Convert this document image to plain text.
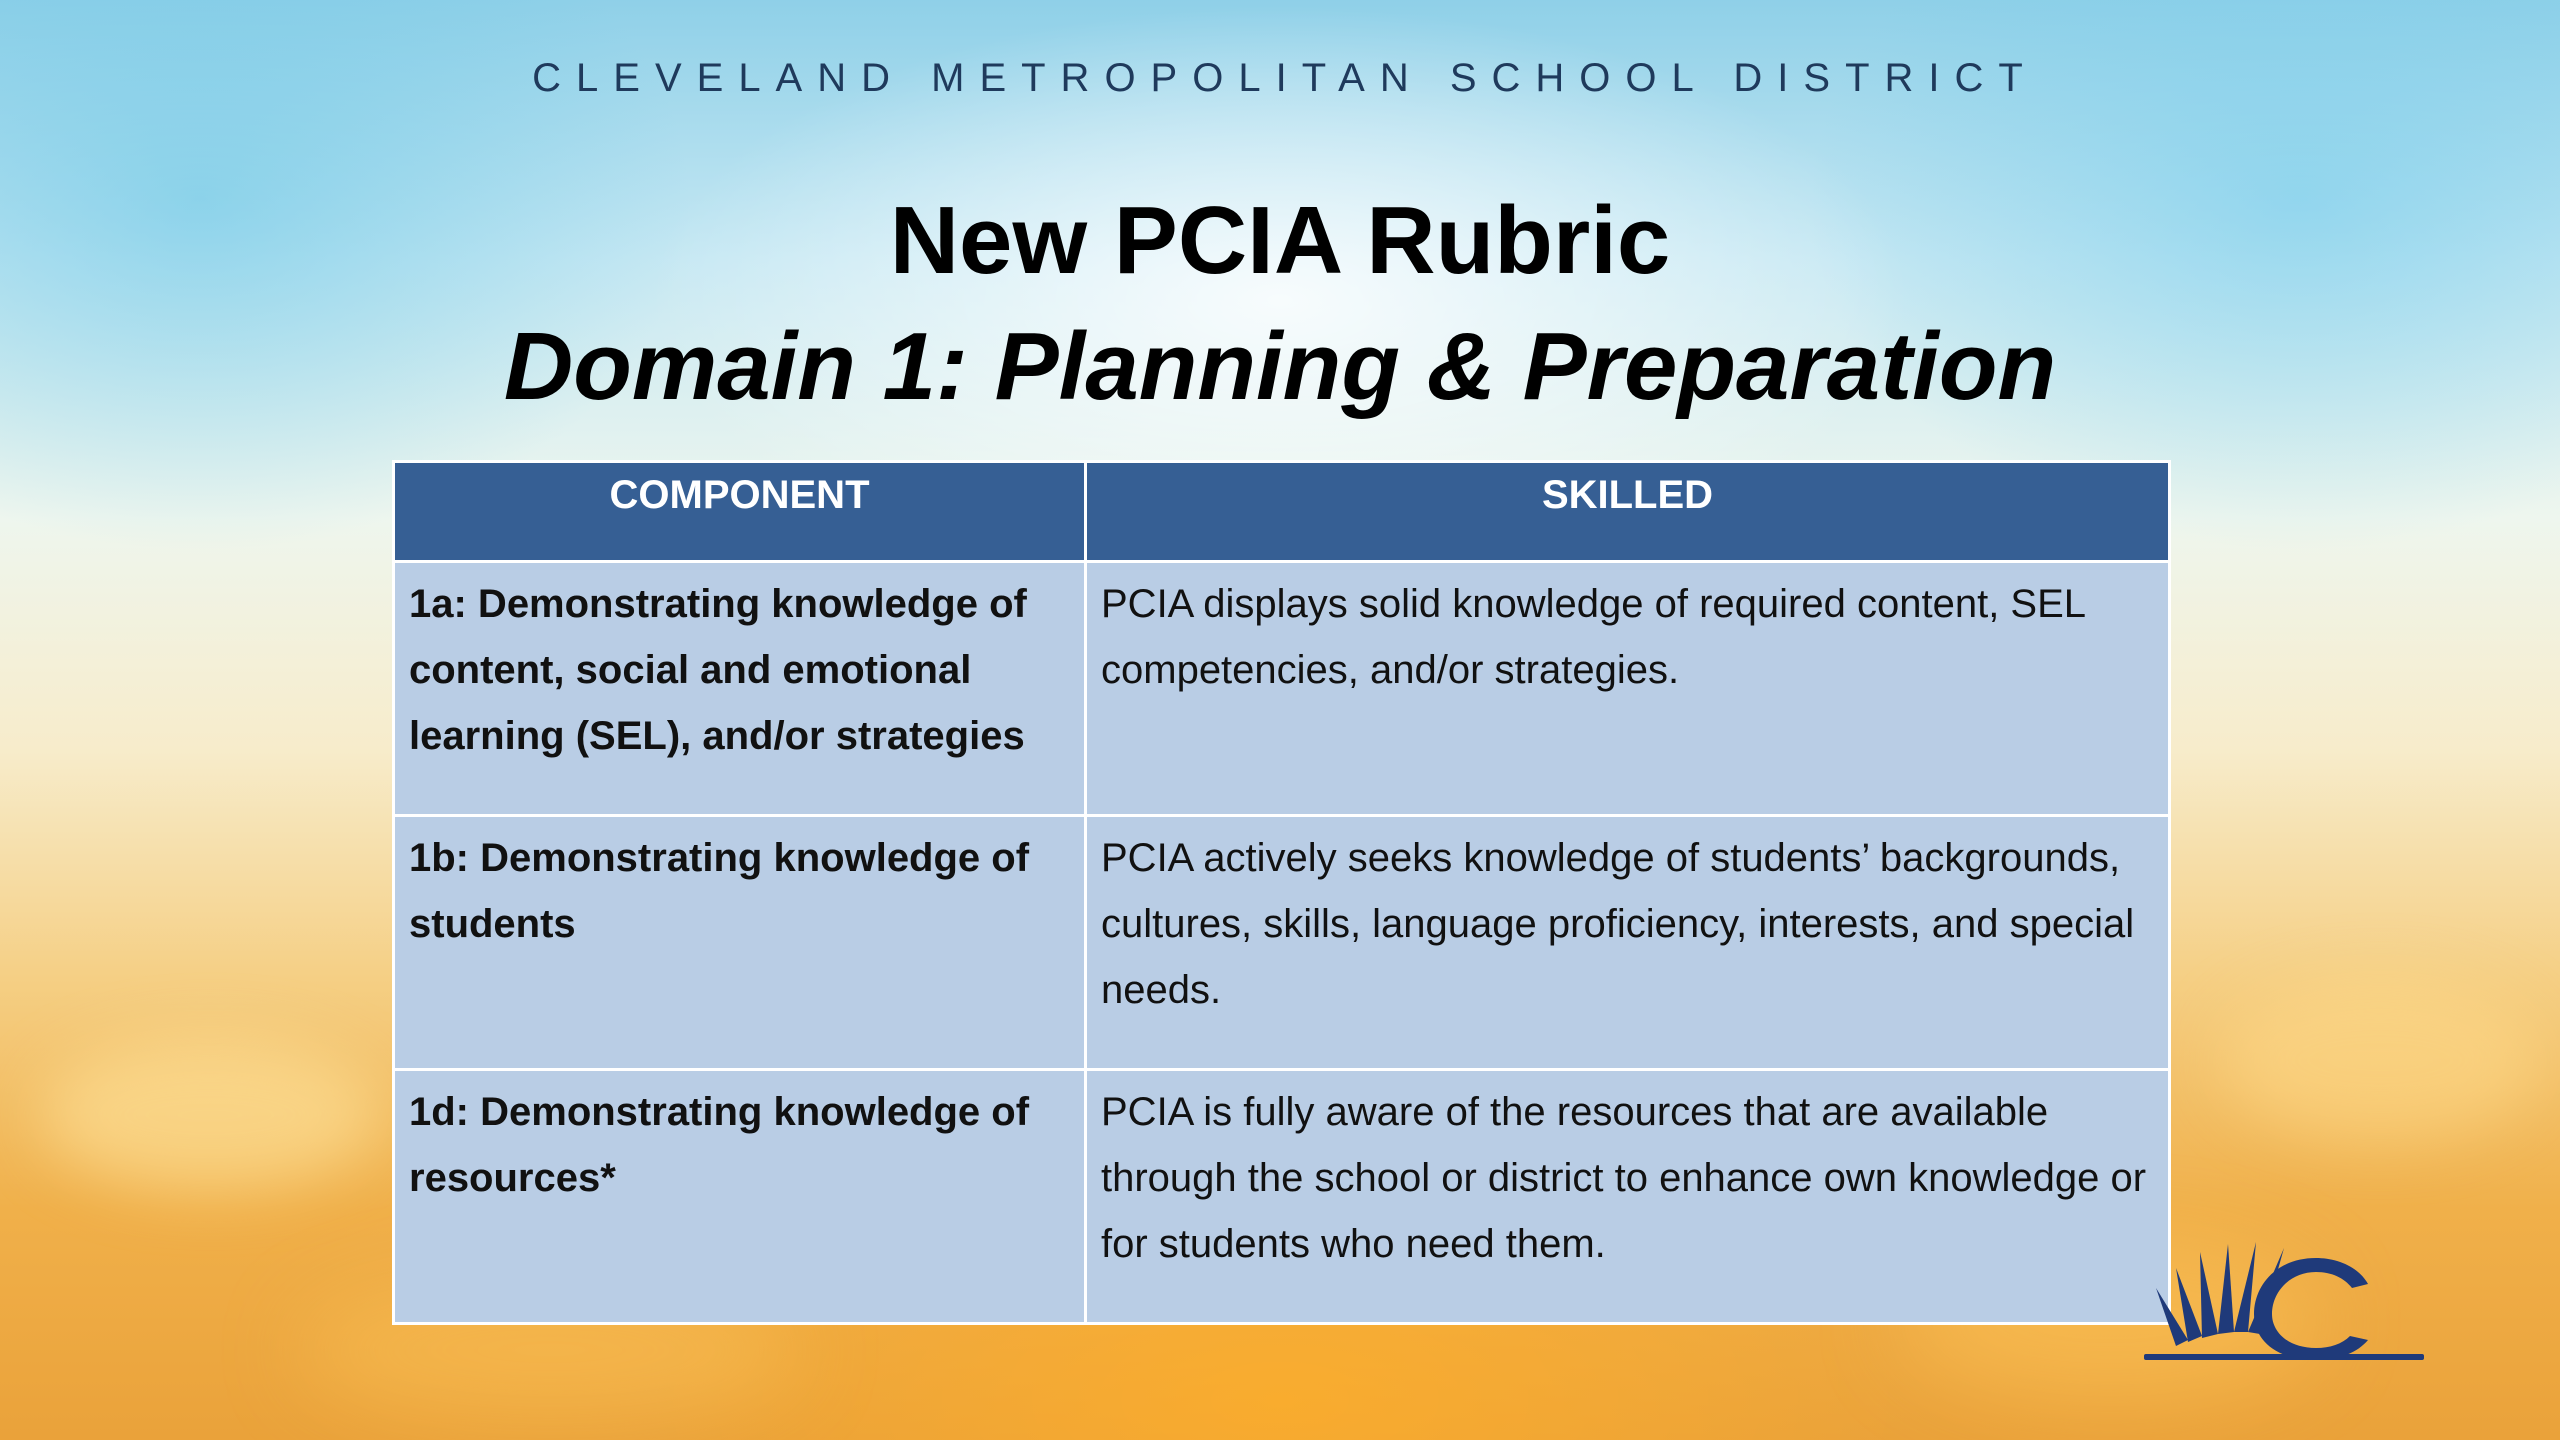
CLEVELAND METROPOLITAN SCHOOL DISTRICT
New PCIA Rubric
Domain 1: Planning & Preparation
COMPONENT	SKILLED
1a: Demonstrating knowledge of content, social and emotional learning (SEL), and/or strategies	PCIA displays solid knowledge of required content, SEL competencies, and/or strategies.
1b: Demonstrating knowledge of students	PCIA actively seeks knowledge of students’ backgrounds, cultures, skills, language proficiency, interests, and special needs.
1d: Demonstrating knowledge of resources*	PCIA is fully aware of the resources that are available through the school or district to enhance own knowledge or for students who need them.
